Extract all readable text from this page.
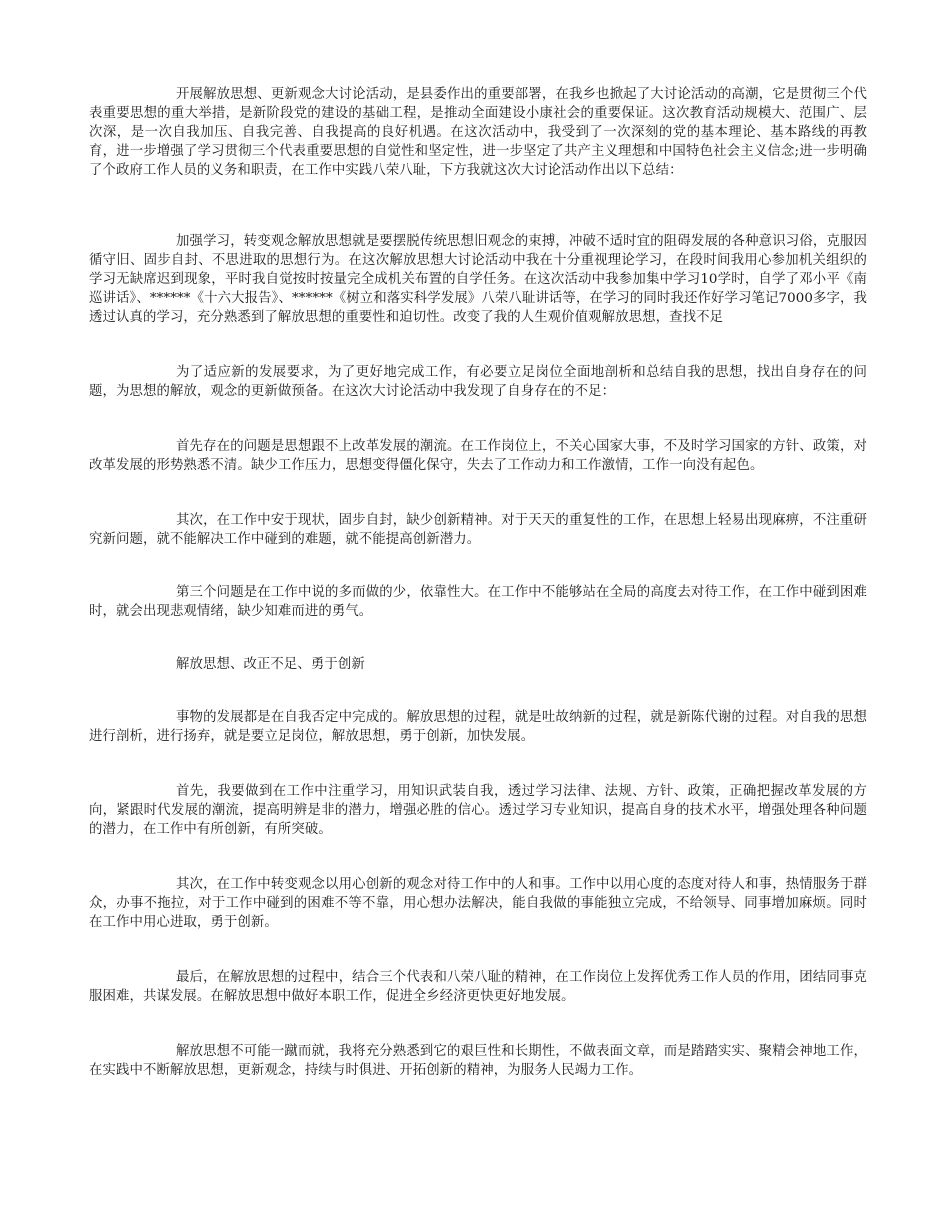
开展解放思想、更新观念大讨论活动，是县委作出的重要部署，在我乡也掀起了大讨论活动的高潮，它是贯彻三个代表重要思想的重大举措，是新阶段党的建设的基础工程，是推动全面建设小康社会的重要保证。这次教育活动规模大、范围广、层次深，是一次自我加压、自我完善、自我提高的良好机遇。在这次活动中，我受到了一次深刻的党的基本理论、基本路线的再教育，进一步增强了学习贯彻三个代表重要思想的自觉性和坚定性，进一步坚定了共产主义理想和中国特色社会主义信念;进一步明确了个政府工作人员的义务和职责，在工作中实践八荣八耻，下方我就这次大讨论活动作出以下总结：

加强学习，转变观念解放思想就是要摆脱传统思想旧观念的束搏，冲破不适时宜的阻碍发展的各种意识习俗，克服因循守旧、固步自封、不思进取的思想行为。在这次解放思想大讨论活动中我在十分重视理论学习，在段时间我用心参加机关组织的学习无缺席迟到现象，平时我自觉按时按量完全成机关布置的自学任务。在这次活动中我参加集中学习10学时，自学了邓小平《南巡讲话》、******《十六大报告》、******《树立和落实科学发展》八荣八耻讲话等，在学习的同时我还作好学习笔记7000多字，我透过认真的学习，充分熟悉到了解放思想的重要性和迫切性。改变了我的人生观价值观解放思想，查找不足

为了适应新的发展要求，为了更好地完成工作，有必要立足岗位全面地剖析和总结自我的思想，找出自身存在的问题，为思想的解放，观念的更新做预备。在这次大讨论活动中我发现了自身存在的不足：

首先存在的问题是思想跟不上改革发展的潮流。在工作岗位上，不关心国家大事，不及时学习国家的方针、政策，对改革发展的形势熟悉不清。缺少工作压力，思想变得僵化保守，失去了工作动力和工作激情，工作一向没有起色。

其次，在工作中安于现状，固步自封，缺少创新精神。对于天天的重复性的工作，在思想上轻易出现麻痹，不注重研究新问题，就不能解决工作中碰到的难题，就不能提高创新潜力。

第三个问题是在工作中说的多而做的少，依靠性大。在工作中不能够站在全局的高度去对待工作，在工作中碰到困难时，就会出现悲观情绪，缺少知难而进的勇气。

解放思想、改正不足、勇于创新

事物的发展都是在自我否定中完成的。解放思想的过程，就是吐故纳新的过程，就是新陈代谢的过程。对自我的思想进行剖析，进行扬弃，就是要立足岗位，解放思想，勇于创新，加快发展。

首先，我要做到在工作中注重学习，用知识武装自我，透过学习法律、法规、方针、政策，正确把握改革发展的方向，紧跟时代发展的潮流，提高明辨是非的潜力，增强必胜的信心。透过学习专业知识，提高自身的技术水平，增强处理各种问题的潜力，在工作中有所创新，有所突破。

其次，在工作中转变观念以用心创新的观念对待工作中的人和事。工作中以用心度的态度对待人和事，热情服务于群众，办事不拖拉，对于工作中碰到的困难不等不靠，用心想办法解决，能自我做的事能独立完成，不给领导、同事增加麻烦。同时在工作中用心进取，勇于创新。

最后，在解放思想的过程中，结合三个代表和八荣八耻的精神，在工作岗位上发挥优秀工作人员的作用，团结同事克服困难，共谋发展。在解放思想中做好本职工作，促进全乡经济更快更好地发展。

解放思想不可能一蹴而就，我将充分熟悉到它的艰巨性和长期性，不做表面文章，而是踏踏实实、聚精会神地工作，在实践中不断解放思想，更新观念，持续与时俱进、开拓创新的精神，为服务人民竭力工作。
